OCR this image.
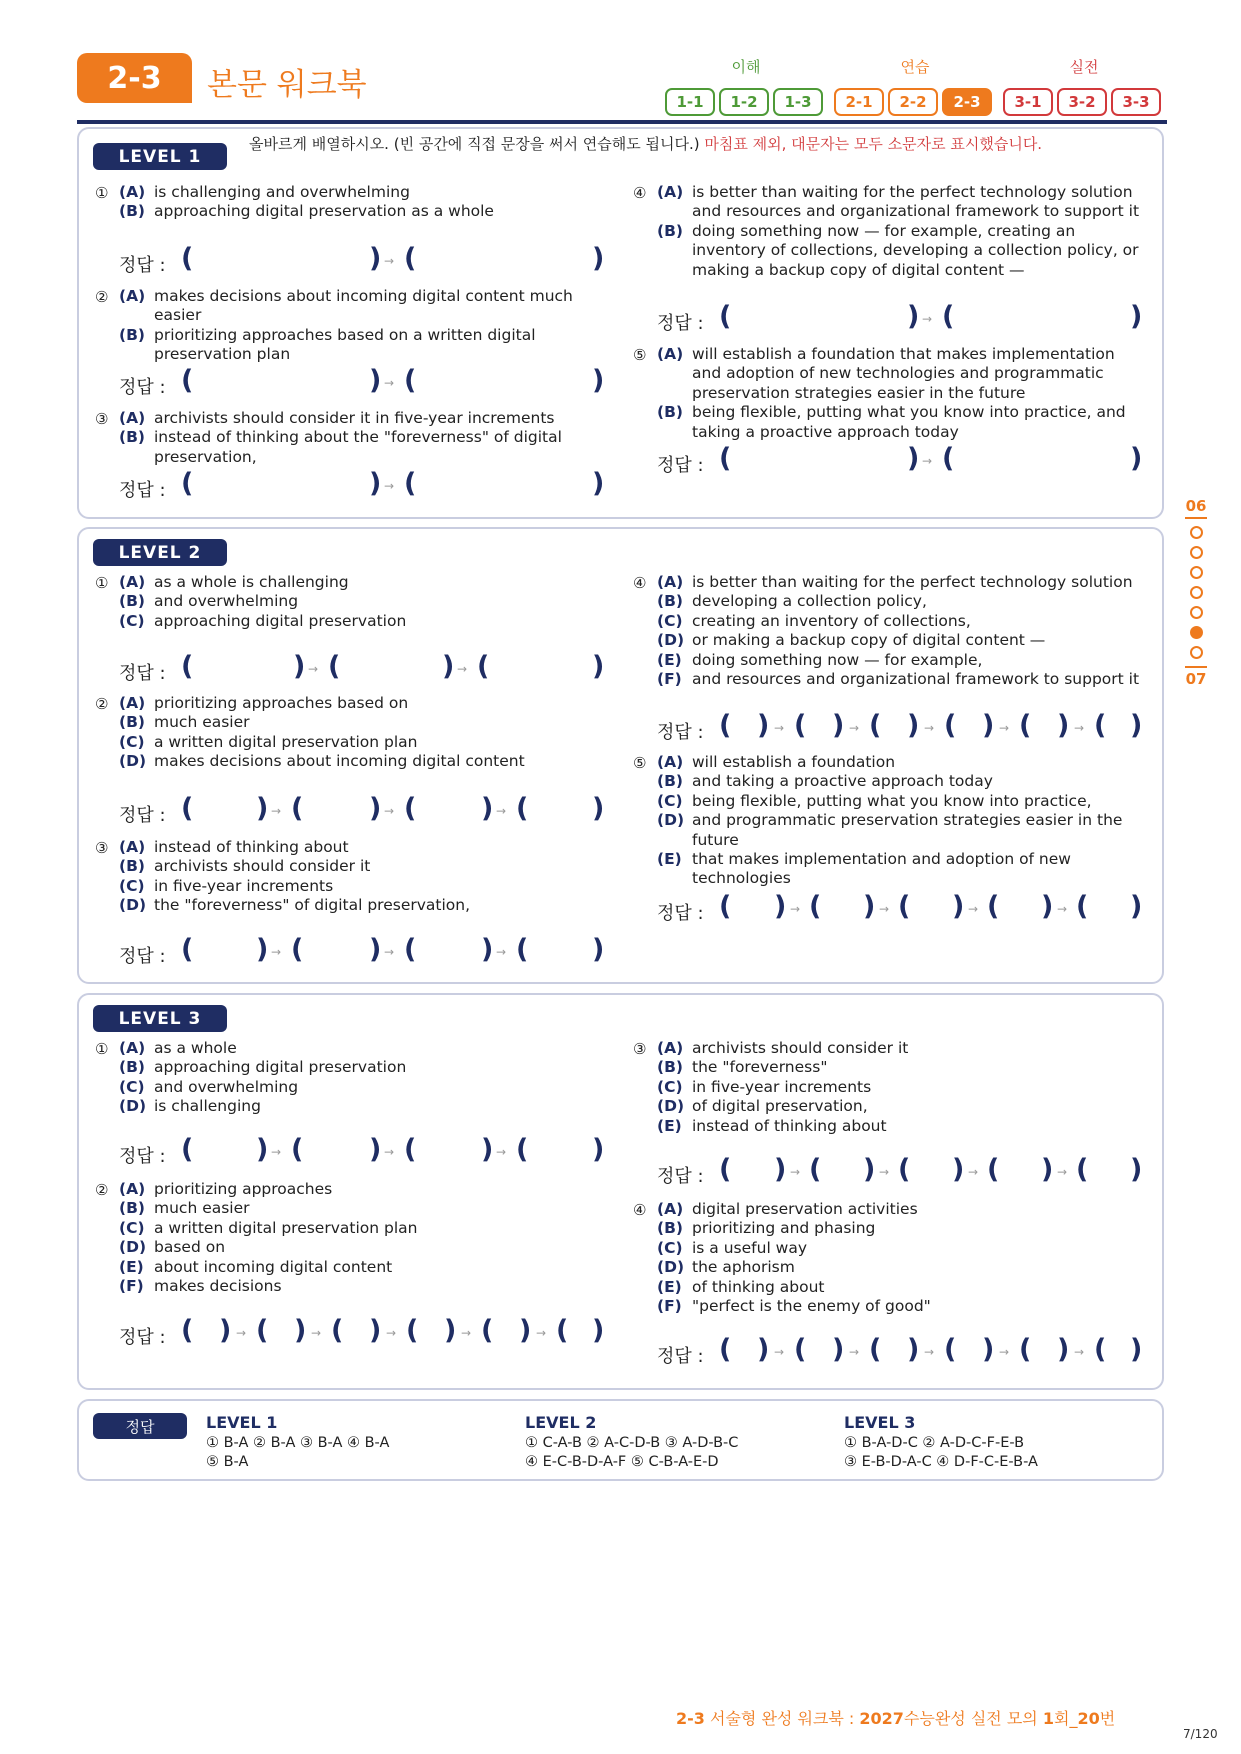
2-3	본문 워크북	이해
1-1	1-2	1-3
연습
2-1	2-2	2-3
실전
3-1	3-2	3-3
LEVEL 1
올바르게 배열하시오. (빈 공간에 직접 문장을 써서 연습해도 됩니다.) 마침표 제외, 대문자는 모두 소문자로 표시했습니다.
① (A) is challenging and overwhelming
(B) approaching digital preservation as a whole
정답 : (	) → (	)
② (A) makes decisions about incoming digital content much easier
(B) prioritizing approaches based on a written digital preservation plan
정답 : (	) → (	)
③ (A) archivists should consider it in five-year increments
(B) instead of thinking about the "foreverness" of digital preservation,
정답 : (	) → (	)
④ (A) is better than waiting for the perfect technology solution and resources and organizational framework to support it
(B) doing something now — for example, creating an inventory of collections, developing a collection policy, or making a backup copy of digital content —
정답 : (	) → (	)
⑤ (A) will establish a foundation that makes implementation and adoption of new technologies and programmatic preservation strategies easier in the future
(B) being flexible, putting what you know into practice, and taking a proactive approach today
정답 : (	) → (	)
LEVEL 2
① (A) as a whole is challenging
(B) and overwhelming
(C) approaching digital preservation
정답 : (	) → (	) → (	)
② (A) prioritizing approaches based on
(B) much easier
(C) a written digital preservation plan
(D) makes decisions about incoming digital content
정답 : ( ) → ( ) → ( ) → ( )
③ (A) instead of thinking about
(B) archivists should consider it
(C) in five-year increments
(D) the "foreverness" of digital preservation,
정답 : ( ) → ( ) → ( ) → ( )
④ (A) is better than waiting for the perfect technology solution
(B) developing a collection policy,
(C) creating an inventory of collections,
(D) or making a backup copy of digital content —
(E) doing something now — for example,
(F) and resources and organizational framework to support it
정답 : ( ) → ( ) → ( ) → ( ) → ( ) → ( )
⑤ (A) will establish a foundation
(B) and taking a proactive approach today
(C) being flexible, putting what you know into practice,
(D) and programmatic preservation strategies easier in the future
(E) that makes implementation and adoption of new technologies
정답 : ( ) → ( ) → ( ) → ( ) → ( )
LEVEL 3
① (A) as a whole
(B) approaching digital preservation
(C) and overwhelming
(D) is challenging
정답 : ( ) → ( ) → ( ) → ( )
② (A) prioritizing approaches
(B) much easier
(C) a written digital preservation plan
(D) based on
(E) about incoming digital content
(F) makes decisions
정답 : ( ) → ( ) → ( ) → ( ) → ( ) → ( )
③ (A) archivists should consider it
(B) the "foreverness"
(C) in five-year increments
(D) of digital preservation,
(E) instead of thinking about
정답 : ( ) → ( ) → ( ) → ( ) → ( )
④ (A) digital preservation activities
(B) prioritizing and phasing
(C) is a useful way
(D) the aphorism
(E) of thinking about
(F) "perfect is the enemy of good"
정답 : ( ) → ( ) → ( ) → ( ) → ( ) → ( )
정답	LEVEL 1
① B-A ② B-A ③ B-A ④ B-A
⑤ B-A
LEVEL 2
① C-A-B ② A-C-D-B ③ A-D-B-C
④ E-C-B-D-A-F ⑤ C-B-A-E-D
LEVEL 3
① B-A-D-C ② A-D-C-F-E-B
③ E-B-D-A-C ④ D-F-C-E-B-A
06
07
2-3 서술형 완성 워크북 : 2027수능완성 실전 모의 1회_20번
7/120
